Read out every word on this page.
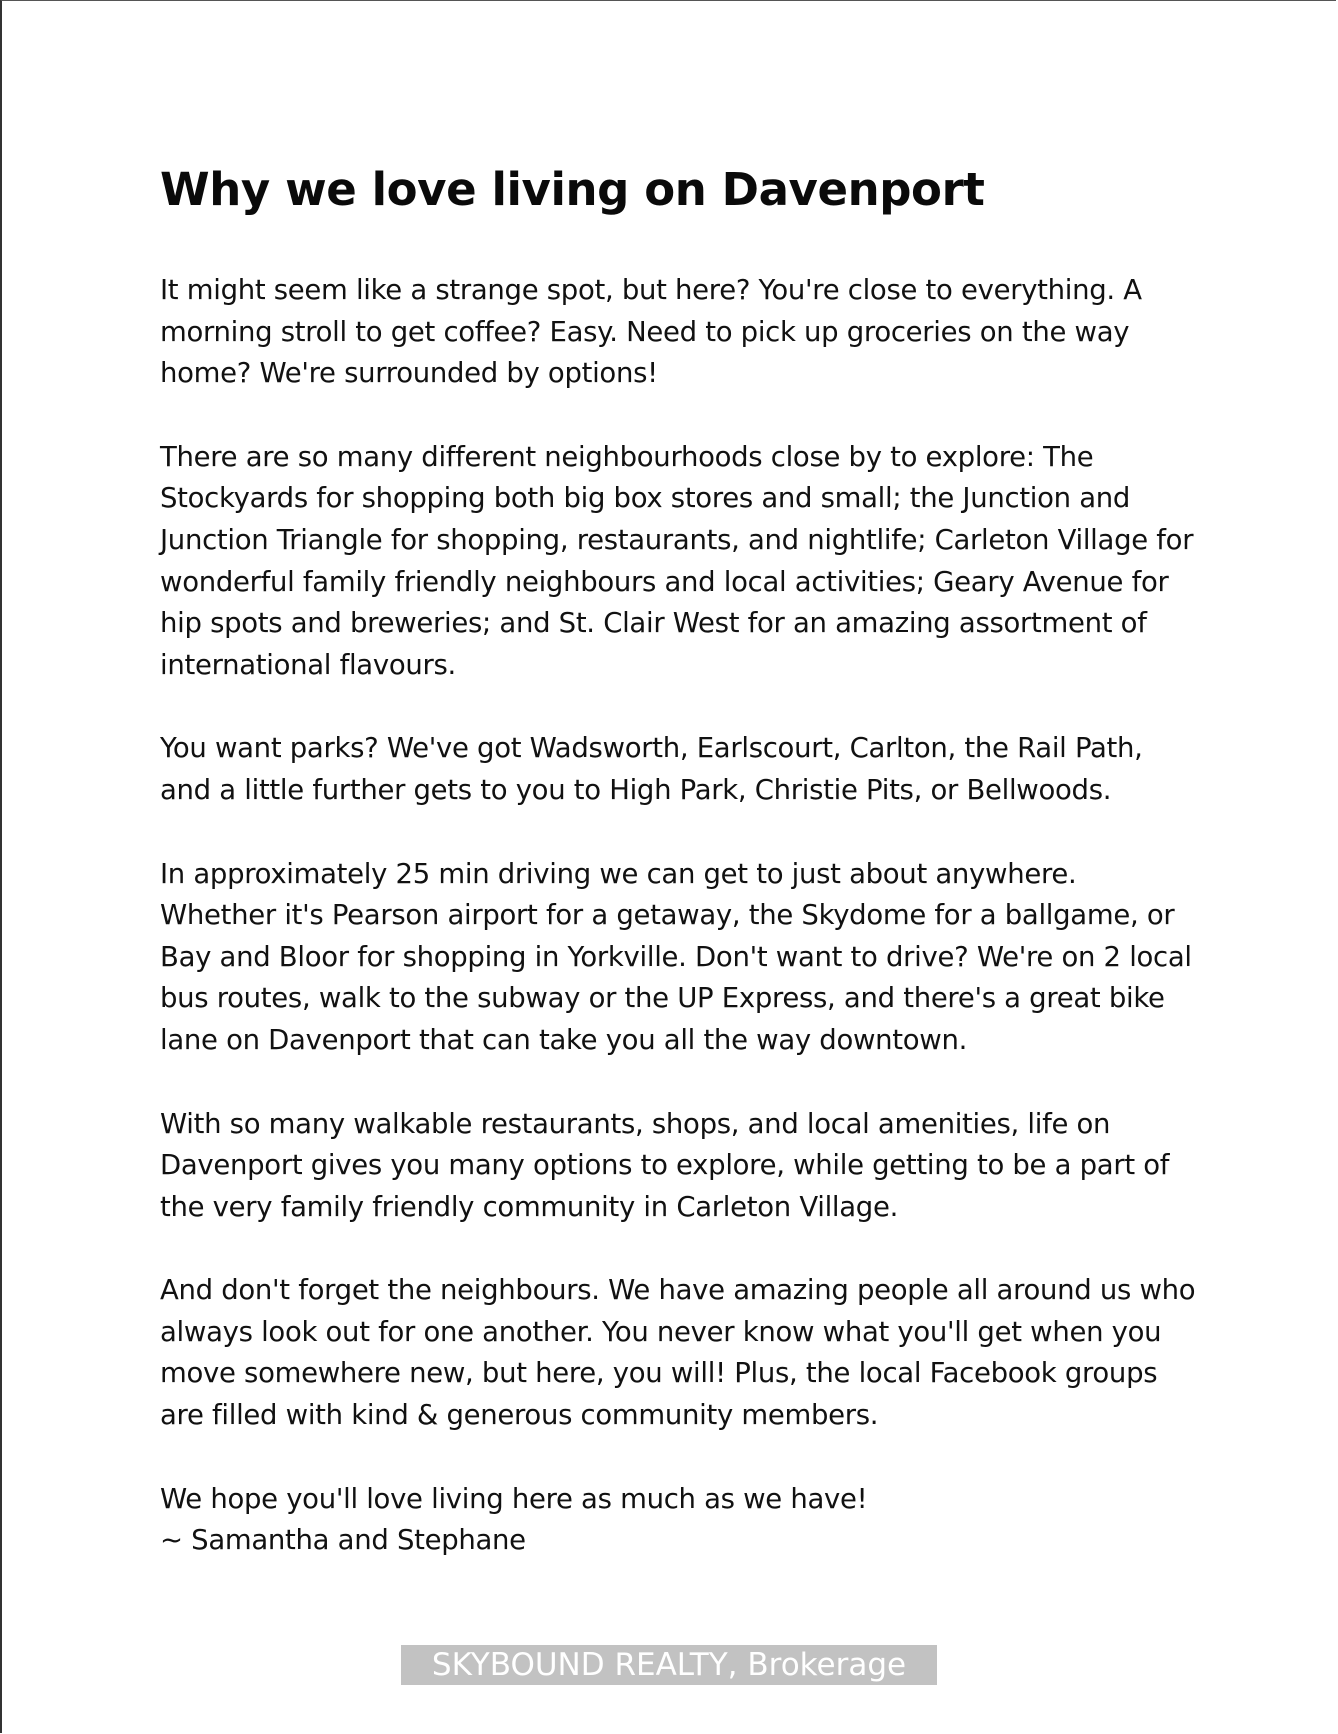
Why we love living on Davenport

It might seem like a strange spot, but here? You're close to everything. A morning stroll to get coffee? Easy. Need to pick up groceries on the way home? We're surrounded by options!

There are so many different neighbourhoods close by to explore: The Stockyards for shopping both big box stores and small; the Junction and Junction Triangle for shopping, restaurants, and nightlife; Carleton Village for wonderful family friendly neighbours and local activities; Geary Avenue for hip spots and breweries; and St. Clair West for an amazing assortment of international flavours.

You want parks? We've got Wadsworth, Earlscourt, Carlton, the Rail Path, and a little further gets to you to High Park, Christie Pits, or Bellwoods.

In approximately 25 min driving we can get to just about anywhere. Whether it's Pearson airport for a getaway, the Skydome for a ballgame, or Bay and Bloor for shopping in Yorkville. Don't want to drive? We're on 2 local bus routes, walk to the subway or the UP Express, and there's a great bike lane on Davenport that can take you all the way downtown.

With so many walkable restaurants, shops, and local amenities, life on Davenport gives you many options to explore, while getting to be a part of the very family friendly community in Carleton Village.

And don't forget the neighbours. We have amazing people all around us who always look out for one another. You never know what you'll get when you move somewhere new, but here, you will! Plus, the local Facebook groups are filled with kind & generous community members.

We hope you'll love living here as much as we have!
~ Samantha and Stephane

SKYBOUND REALTY, Brokerage
